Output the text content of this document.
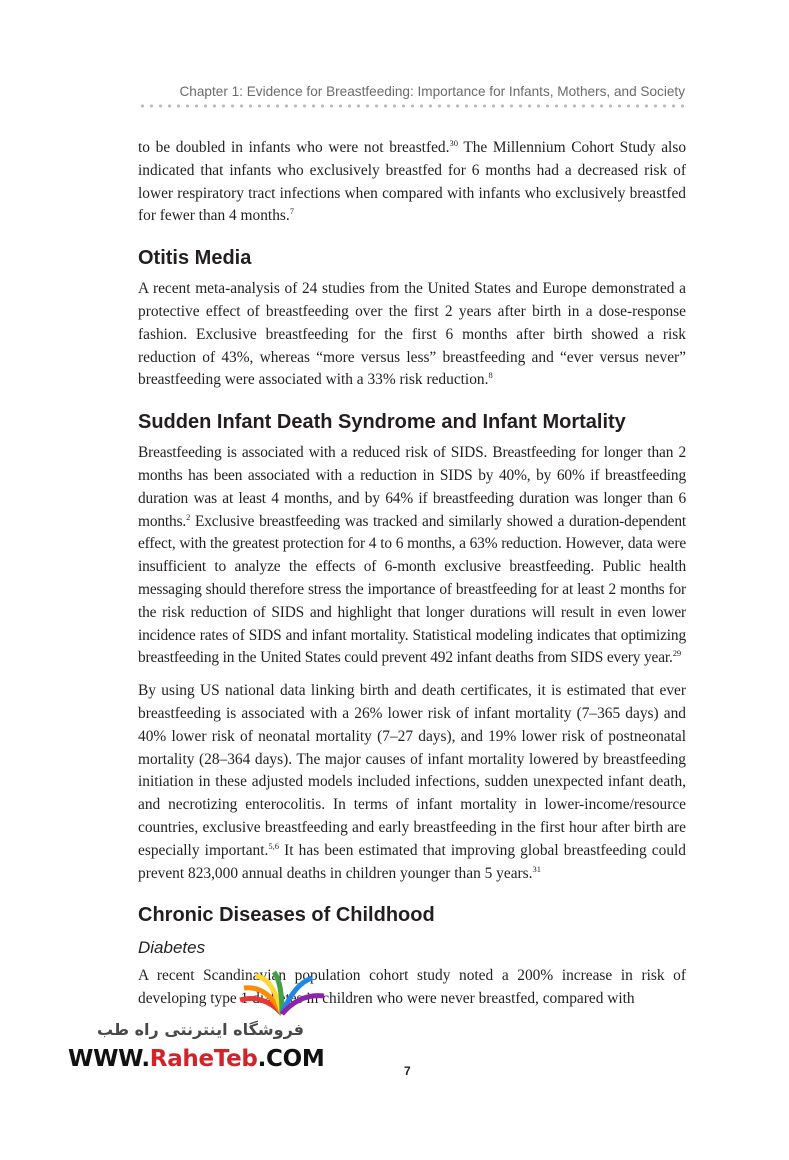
Chapter 1: Evidence for Breastfeeding: Importance for Infants, Mothers, and Society

to be doubled in infants who were not breastfed.$^{30}$ The Millennium Cohort Study also indicated that infants who exclusively breastfed for 6 months had a decreased risk of lower respiratory tract infections when compared with infants who exclusively breastfed for fewer than 4 months.$^7$

Otitis Media

A recent meta-analysis of 24 studies from the United States and Europe demonstrated a protective effect of breastfeeding over the first 2 years after birth in a dose-response fashion. Exclusive breastfeeding for the first 6 months after birth showed a risk reduction of 43%, whereas “more versus less” breastfeeding and “ever versus never” breastfeeding were associated with a 33% risk reduction.$^8$

Sudden Infant Death Syndrome and Infant Mortality

Breastfeeding is associated with a reduced risk of SIDS. Breastfeeding for longer than 2 months has been associated with a reduction in SIDS by 40%, by 60% if breastfeeding duration was at least 4 months, and by 64% if breastfeeding duration was longer than 6 months.$^2$ Exclusive breastfeeding was tracked and similarly showed a duration-dependent effect, with the greatest protection for 4 to 6 months, a 63% reduction. However, data were insufficient to analyze the effects of 6-month exclusive breastfeeding. Public health messaging should therefore stress the importance of breastfeeding for at least 2 months for the risk reduction of SIDS and highlight that longer durations will result in even lower incidence rates of SIDS and infant mortality. Statistical modeling indicates that optimizing breastfeeding in the United States could prevent 492 infant deaths from SIDS every year.$^{29}$

By using US national data linking birth and death certificates, it is estimated that ever breastfeeding is associated with a 26% lower risk of infant mortality (7–365 days) and 40% lower risk of neonatal mortality (7–27 days), and 19% lower risk of postneonatal mortality (28–364 days). The major causes of infant mortality lowered by breastfeeding initiation in these adjusted models included infections, sudden unexpected infant death, and necrotizing enterocolitis. In terms of infant mortality in lower-income/resource countries, exclusive breastfeeding and early breastfeeding in the first hour after birth are especially important.$^{5,6}$ It has been estimated that improving global breastfeeding could prevent 823,000 annual deaths in children younger than 5 years.$^{31}$

Chronic Diseases of Childhood
Diabetes

A recent Scandinavian population cohort study noted a 200% increase in risk of developing type 1 diabetes in children who were never breastfed, compared with

7
فروشگاه اینترنتی راه طب
WWW.RaheTeb.COM
